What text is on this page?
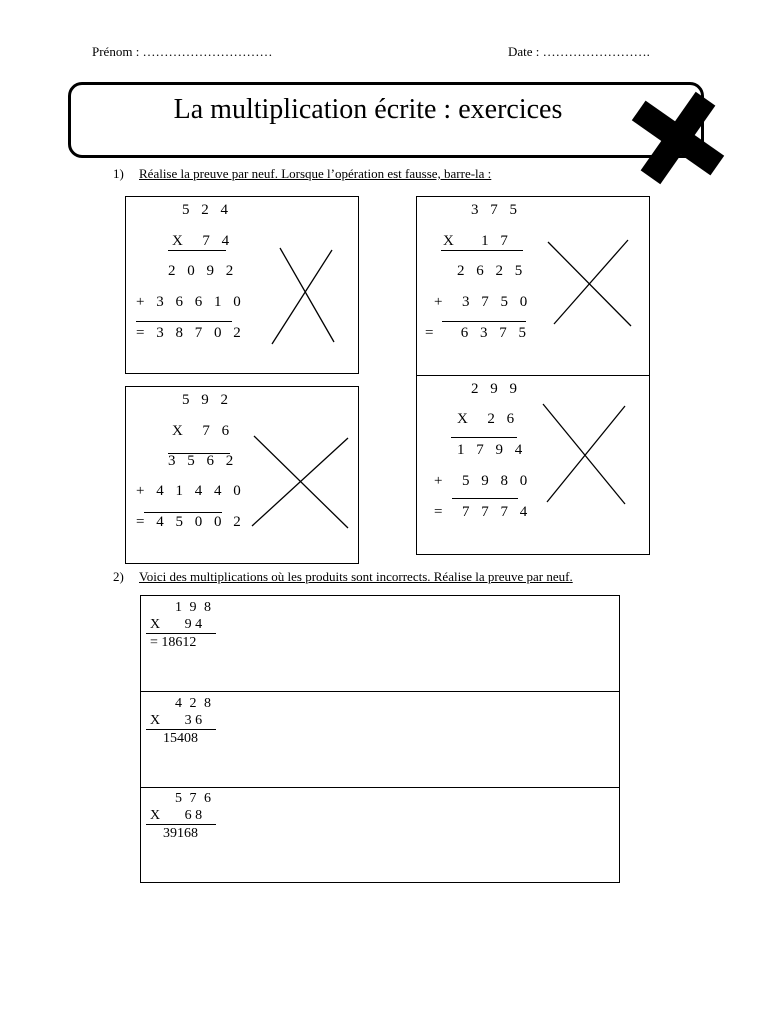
Prénom : …………………………	Date : …………………….
La multiplication écrite : exercices
1) Réalise la preuve par neuf. Lorsque l’opération est fausse, barre-la :
5 2 4
X  7 4
2 0 9 2
+ 3 6 6 1 0
= 3 8 7 0 2
3 7 5
X   1 7
2 6 2 5
+  3 7 5 0
=   6 3 7 5
5 9 2
X  7 6
3 5 6 2
+ 4 1 4 4 0
= 4 5 0 0 2
2 9 9
X  2 6
1 7 9 4
+  5 9 8 0
=  7 7 7 4
2) Voici des multiplications où les produits sont incorrects. Réalise la preuve par neuf.
1 9 8
X       9 4
= 18612
4 2 8
X       3 6
15408
5 7 6
X       6 8
39168
